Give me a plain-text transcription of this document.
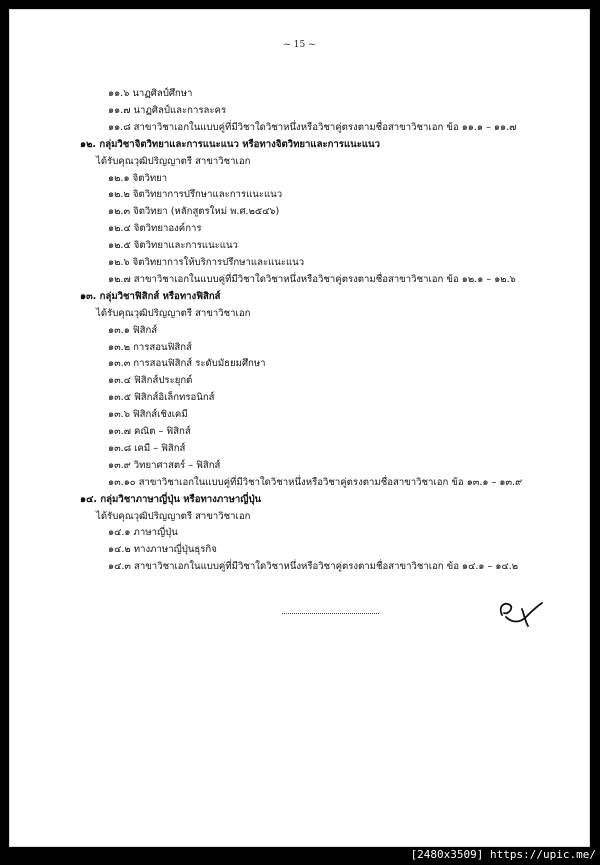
~ 15 ~
๑๑.๖ นาฏศิลป์ศึกษา
๑๑.๗ นาฏศิลป์และการละคร
๑๑.๘ สาขาวิชาเอกในแบบคู่ที่มีวิชาใดวิชาหนึ่งหรือวิชาคู่ตรงตามชื่อสาขาวิชาเอก ข้อ ๑๑.๑ – ๑๑.๗
๑๒. กลุ่มวิชาจิตวิทยาและการแนะแนว หรือทางจิตวิทยาและการแนะแนว
ได้รับคุณวุฒิปริญญาตรี สาขาวิชาเอก
๑๒.๑ จิตวิทยา
๑๒.๒ จิตวิทยาการปรึกษาและการแนะแนว
๑๒.๓ จิตวิทยา (หลักสูตรใหม่ พ.ศ.๒๕๔๖)
๑๒.๔ จิตวิทยาองค์การ
๑๒.๕ จิตวิทยาและการแนะแนว
๑๒.๖ จิตวิทยาการให้บริการปรึกษาและแนะแนว
๑๒.๗ สาขาวิชาเอกในแบบคู่ที่มีวิชาใดวิชาหนึ่งหรือวิชาคู่ตรงตามชื่อสาขาวิชาเอก ข้อ ๑๒.๑ – ๑๒.๖
๑๓. กลุ่มวิชาฟิสิกส์ หรือทางฟิสิกส์
ได้รับคุณวุฒิปริญญาตรี สาขาวิชาเอก
๑๓.๑ ฟิสิกส์
๑๓.๒ การสอนฟิสิกส์
๑๓.๓ การสอนฟิสิกส์ ระดับมัธยมศึกษา
๑๓.๔ ฟิสิกส์ประยุกต์
๑๓.๕ ฟิสิกส์อิเล็กทรอนิกส์
๑๓.๖ ฟิสิกส์เชิงเคมี
๑๓.๗ คณิต – ฟิสิกส์
๑๓.๘ เคมี – ฟิสิกส์
๑๓.๙ วิทยาศาสตร์ – ฟิสิกส์
๑๓.๑๐ สาขาวิชาเอกในแบบคู่ที่มีวิชาใดวิชาหนึ่งหรือวิชาคู่ตรงตามชื่อสาขาวิชาเอก ข้อ ๑๓.๑ – ๑๓.๙
๑๔. กลุ่มวิชาภาษาญี่ปุ่น หรือทางภาษาญี่ปุ่น
ได้รับคุณวุฒิปริญญาตรี สาขาวิชาเอก
๑๔.๑ ภาษาญี่ปุ่น
๑๔.๒ ทางภาษาญี่ปุ่นธุรกิจ
๑๔.๓ สาขาวิชาเอกในแบบคู่ที่มีวิชาใดวิชาหนึ่งหรือวิชาคู่ตรงตามชื่อสาขาวิชาเอก ข้อ ๑๔.๑ – ๑๔.๒
[2480x3509] https://upic.me/
